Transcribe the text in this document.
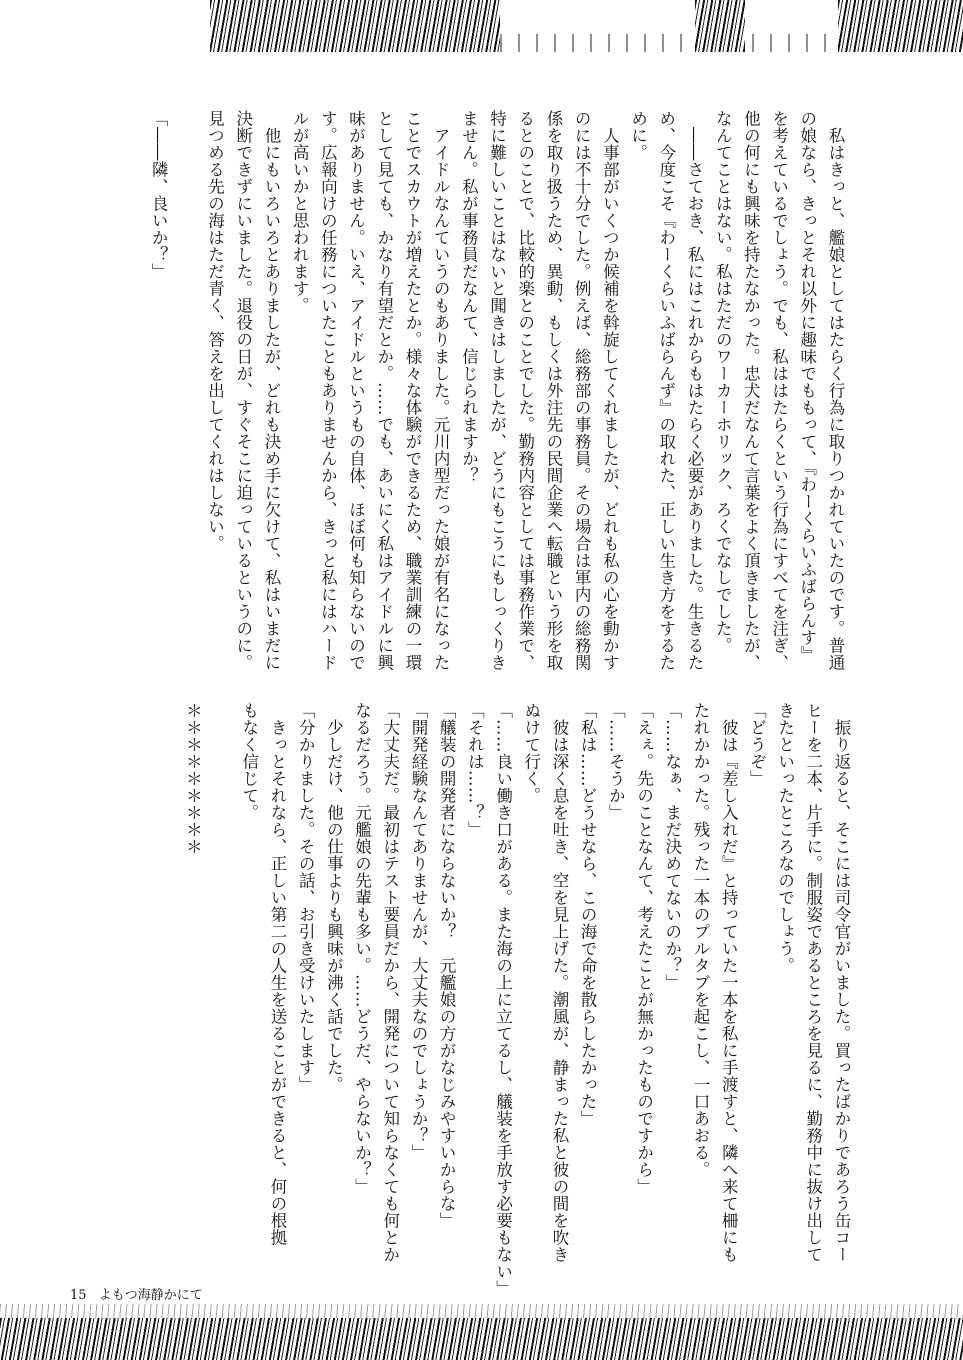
　私はきっと、艦娘としてはたらく行為に取りつかれていたのです。普通
の娘なら、きっとそれ以外に趣味でももって、『わーくらいふばらんす』
を考えているでしょう。でも、私ははたらくという行為にすべてを注ぎ、
他の何にも興味を持たなかった。忠犬だなんて言葉をよく頂きましたが、
なんてことはない。私はただのワーカーホリック、ろくでなしでした。
　――さておき、私にはこれからもはたらく必要がありました。生きるた
め、今度こそ『わーくらいふばらんず』の取れた、正しい生き方をするた
めに。
　人事部がいくつか候補を斡旋してくれましたが、どれも私の心を動かす
のには不十分でした。例えば、総務部の事務員。その場合は軍内の総務関
係を取り扱うため、異動、もしくは外注先の民間企業へ転職という形を取
るとのことで、比較的楽とのことでした。勤務内容としては事務作業で、
特に難しいことはないと聞きはしましたが、どうにもこうにもしっくりき
ません。私が事務員だなんて、信じられますか？
　アイドルなんていうのもありました。元川内型だった娘が有名になった
ことでスカウトが増えたとか。様々な体験ができるため、職業訓練の一環
として見ても、かなり有望だとか。……でも、あいにく私はアイドルに興
味がありません。いえ、アイドルというもの自体、ほぼ何も知らないので
す。広報向けの任務についたこともありませんから、きっと私にはハード
ルが高いかと思われます。
　他にもいろいろとありましたが、どれも決め手に欠けて、私はいまだに
決断できずにいました。退役の日が、すぐそこに迫っているというのに。
見つめる先の海はただ青く、答えを出してくれはしない。

「――隣、良いか？」
　振り返ると、そこには司令官がいました。買ったばかりであろう缶コー
ヒーを二本、片手に。制服姿であるところを見るに、勤務中に抜け出して
きたといったところなのでしょう。
「どうぞ」
　彼は『差し入れだ』と持っていた一本を私に手渡すと、隣へ来て柵にも
たれかかった。残った一本のプルタブを起こし、一口あおる。
「……なぁ、まだ決めてないのか？」
「えぇ。先のことなんて、考えたことが無かったものですから」
「……そうか」
「私は……どうせなら、この海で命を散らしたかった」
　彼は深く息を吐き、空を見上げた。潮風が、静まった私と彼の間を吹き
ぬけて行く。
「……良い働き口がある。また海の上に立てるし、艤装を手放す必要もない」
「それは……？」
「艤装の開発者にならないか？　元艦娘の方がなじみやすいからな」
「開発経験なんてありませんが、大丈夫なのでしょうか？」
「大丈夫だ。最初はテスト要員だから、開発について知らなくても何とか
なるだろう。元艦娘の先輩も多い。……どうだ、やらないか？」
　少しだけ、他の仕事よりも興味が沸く話でした。
「分かりました。その話、お引き受けいたします」
　きっとそれなら、正しい第二の人生を送ることができると、何の根拠
もなく信じて。

＊＊＊＊＊＊＊＊＊
15 よもつ海静かにて
